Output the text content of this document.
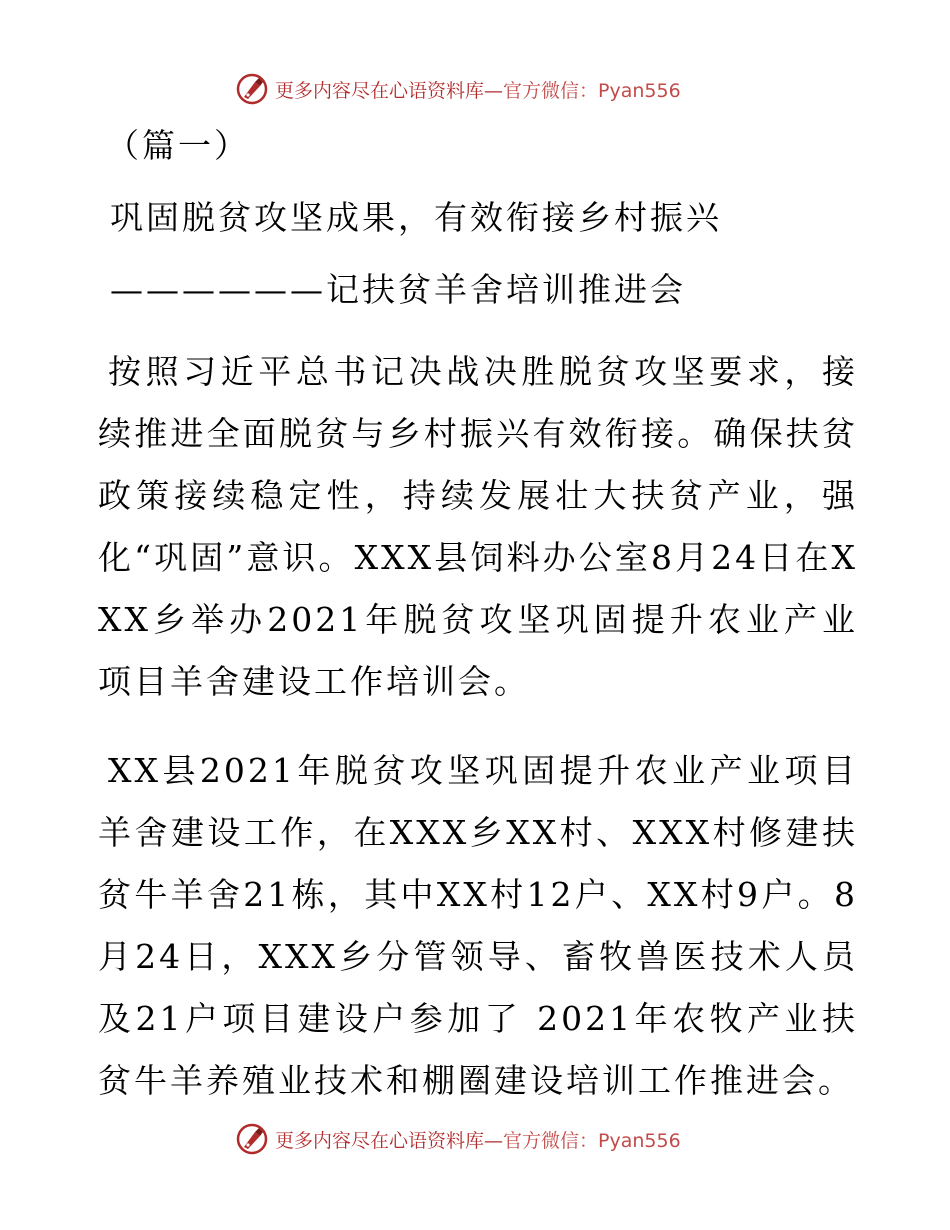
更多内容尽在心语资料库— 官方微信：Pyan556
（篇一）
巩固脱贫攻坚成果，有效衔接乡村振兴
——————记扶贫羊舍培训推进会
按照习近平总书记决战决胜脱贫攻坚要求，接续推进全面脱贫与乡村振兴有效衔接。确保扶贫政策接续稳定性，持续发展壮大扶贫产业，强化“巩固”意识。XXX县饲料办公室8月24日在XXX乡举办2021年脱贫攻坚巩固提升农业产业项目羊舍建设工作培训会。
XX县2021年脱贫攻坚巩固提升农业产业项目羊舍建设工作，在XXX乡XX村、XXX村修建扶贫牛羊舍21栋，其中XX村12户、XX村9户。8月24日，XXX乡分管领导、畜牧兽医技术人员及21户项目建设户参加了 2021年农牧产业扶贫牛羊养殖业技术和棚圈建设培训工作推进会。
更多内容尽在心语资料库— 官方微信：Pyan556
